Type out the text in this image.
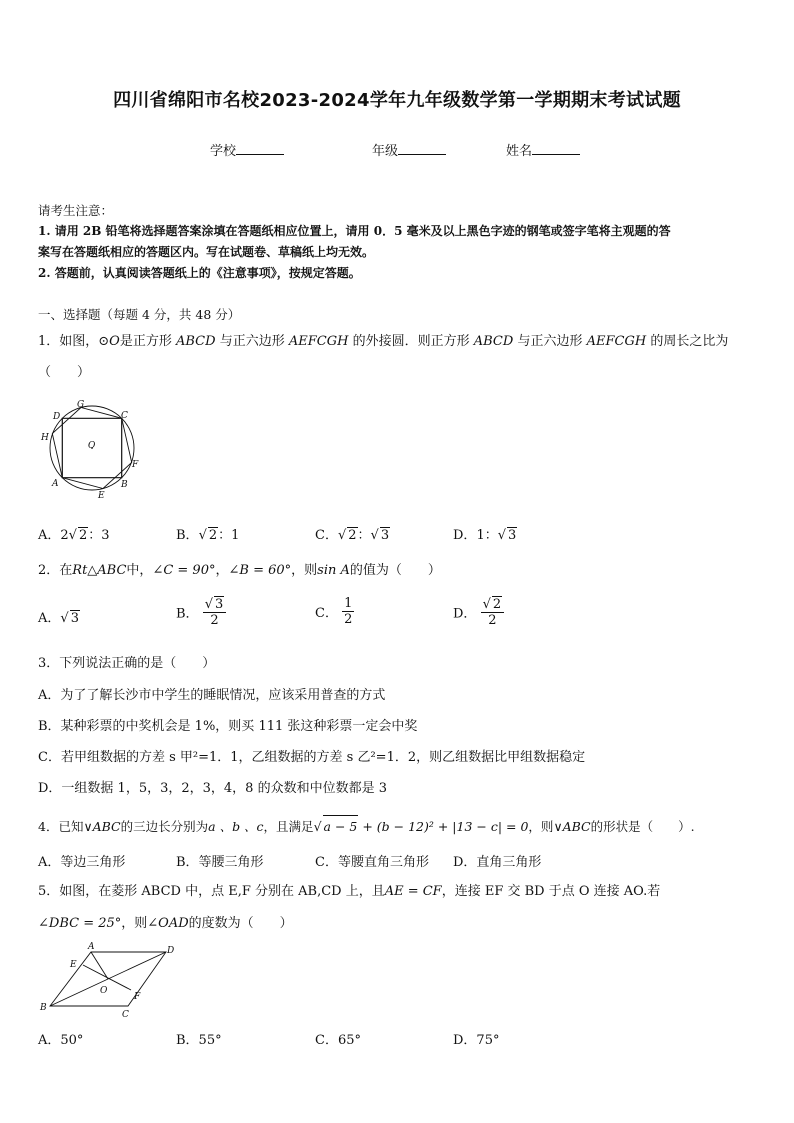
四川省绵阳市名校2023-2024学年九年级数学第一学期期末考试试题
学校	年级	姓名
请考生注意：
1. 请用 2B 铅笔将选择题答案涂填在答题纸相应位置上，请用 0．5 毫米及以上黑色字迹的钢笔或签字笔将主观题的答
案写在答题纸相应的答题区内。写在试题卷、草稿纸上均无效。
2. 答题前，认真阅读答题纸上的《注意事项》，按规定答题。
一、选择题（每题 4 分，共 48 分）
1．如图，⊙O是正方形 ABCD 与正六边形 AEFCGH 的外接圆．则正方形 ABCD 与正六边形 AEFCGH 的周长之比为
（　　）
D
G
C
H
O
F
A	B
E
A．2√ 2：3	B．√ 2：1	C．√ 2：√ 3	D．1：√ 3
2．在Rt△ABC中，∠C = 90°，∠B = 60°，则sin A的值为（　　）
A．√ 3	B． $\frac{√ 3}{2}$	C． $\frac{1}{2}$	D． $\frac{√ 2}{2}$
3．下列说法正确的是（　　）
A．为了了解长沙市中学生的睡眠情况，应该采用普查的方式
B．某种彩票的中奖机会是 1%，则买 111 张这种彩票一定会中奖
C．若甲组数据的方差 s 甲²=1．1，乙组数据的方差 s 乙²=1．2，则乙组数据比甲组数据稳定
D．一组数据 1，5，3，2，3，4，8 的众数和中位数都是 3
4．已知∨ABC的三边长分别为a 、b 、c，且满足√ a − 5 + (b − 12)² + |13 − c| = 0，则∨ABC的形状是（　　）.
A．等边三角形	B．等腰三角形	C．等腰直角三角形 D．直角三角形
5．如图，在菱形 ABCD 中，点 E,F 分别在 AB,CD 上，且AE = CF，连接 EF 交 BD 于点 O 连接 AO.若
∠DBC = 25°，则∠OAD的度数为（　　）
A	D
E
O
B
F
C
A．50°	B．55°	C．65°	D．75°
